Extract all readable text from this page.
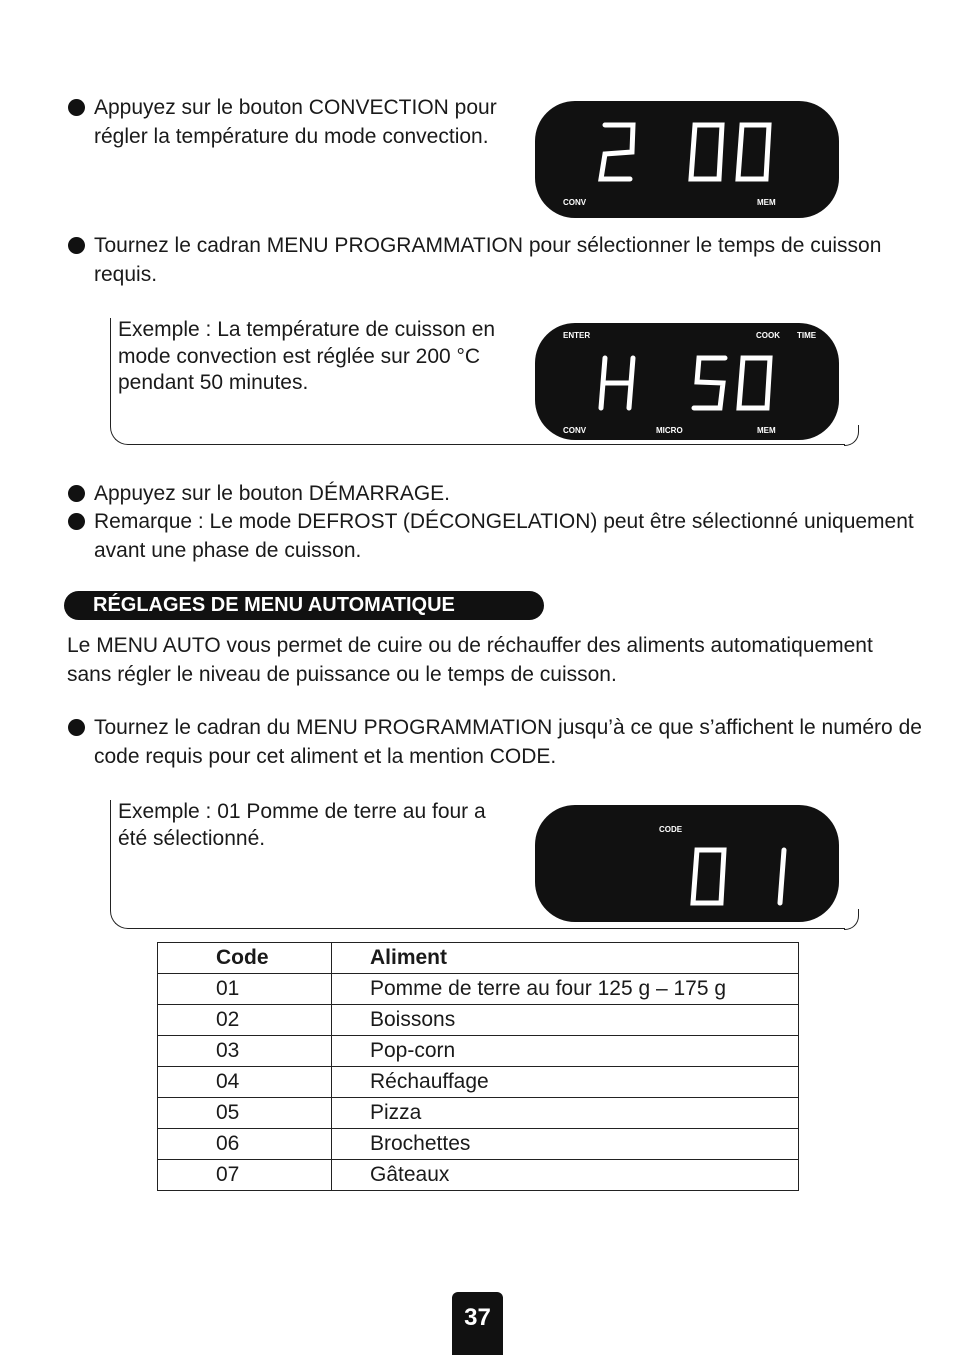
Appuyez sur le bouton CONVECTION pour régler la température du mode convection.
CONV	MEM
Tournez le cadran MENU PROGRAMMATION pour sélectionner le temps de cuisson requis.
Exemple : La température de cuisson en mode convection est réglée sur 200 °C pendant 50 minutes.
ENTER	COOK TIME
CONV	MICRO	MEM
Appuyez sur le bouton DÉMARRAGE.
Remarque : Le mode DEFROST (DÉCONGELATION) peut être sélectionné uniquement avant une phase de cuisson.
RÉGLAGES DE MENU AUTOMATIQUE
Le MENU AUTO vous permet de cuire ou de réchauffer des aliments automatiquement sans régler le niveau de puissance ou le temps de cuisson.
Tournez le cadran du MENU PROGRAMMATION jusqu’à ce que s’affichent le numéro de code requis pour cet aliment et la mention CODE.
Exemple : 01 Pomme de terre au four a été sélectionné.	CODE
Code	Aliment
01	Pomme de terre au four 125 g – 175 g
02	Boissons
03	Pop-corn
04	Réchauffage
05	Pizza
06	Brochettes
07	Gâteaux
37
